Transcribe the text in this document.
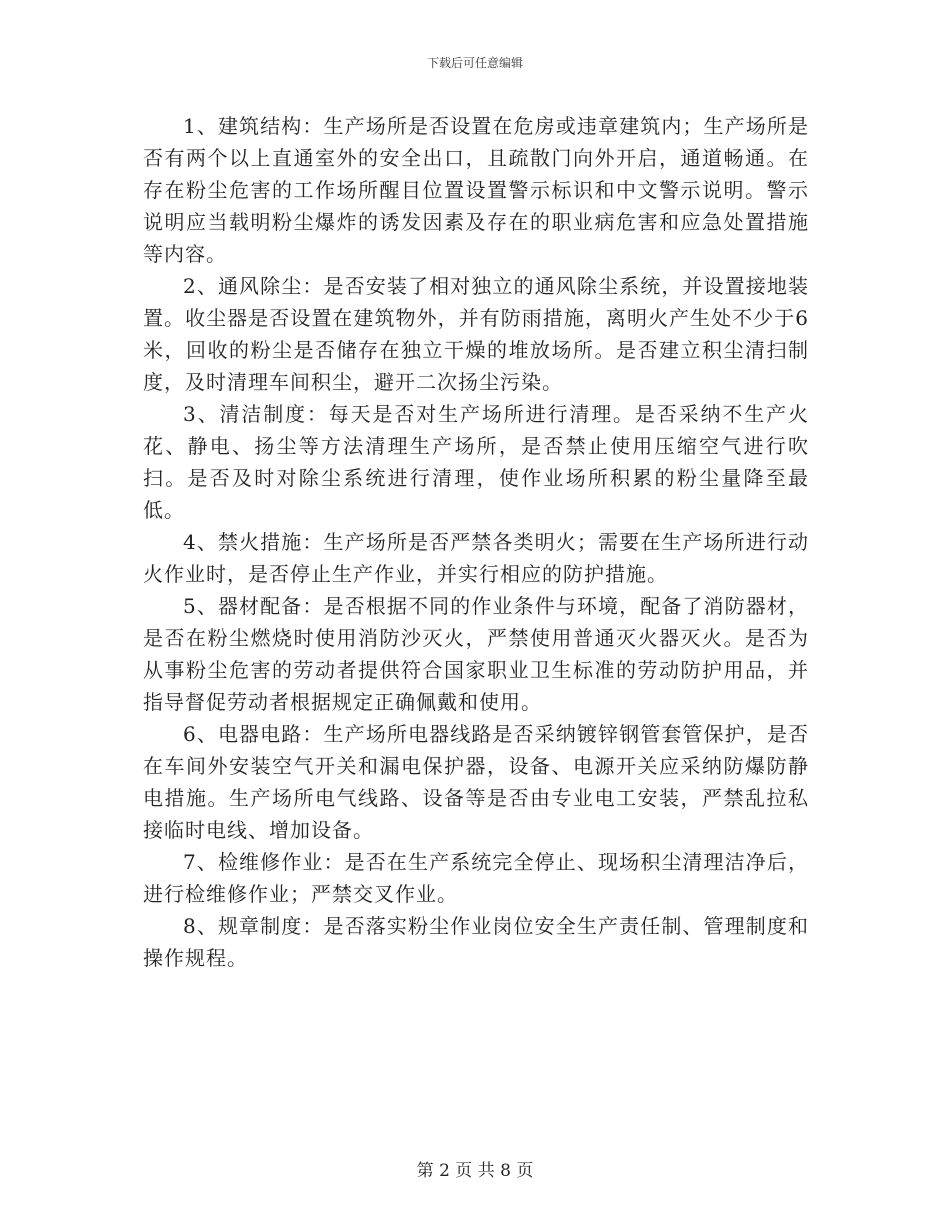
下载后可任意编辑

1、建筑结构：生产场所是否设置在危房或违章建筑内；生产场所是否有两个以上直通室外的安全出口，且疏散门向外开启，通道畅通。在存在粉尘危害的工作场所醒目位置设置警示标识和中文警示说明。警示说明应当载明粉尘爆炸的诱发因素及存在的职业病危害和应急处置措施等内容。

2、通风除尘：是否安装了相对独立的通风除尘系统，并设置接地装置。收尘器是否设置在建筑物外，并有防雨措施，离明火产生处不少于6米，回收的粉尘是否储存在独立干燥的堆放场所。是否建立积尘清扫制度，及时清理车间积尘，避开二次扬尘污染。

3、清洁制度：每天是否对生产场所进行清理。是否采纳不生产火花、静电、扬尘等方法清理生产场所，是否禁止使用压缩空气进行吹扫。是否及时对除尘系统进行清理，使作业场所积累的粉尘量降至最低。

4、禁火措施：生产场所是否严禁各类明火；需要在生产场所进行动火作业时，是否停止生产作业，并实行相应的防护措施。

5、器材配备：是否根据不同的作业条件与环境，配备了消防器材，是否在粉尘燃烧时使用消防沙灭火，严禁使用普通灭火器灭火。是否为从事粉尘危害的劳动者提供符合国家职业卫生标准的劳动防护用品，并指导督促劳动者根据规定正确佩戴和使用。

6、电器电路：生产场所电器线路是否采纳镀锌钢管套管保护，是否在车间外安装空气开关和漏电保护器，设备、电源开关应采纳防爆防静电措施。生产场所电气线路、设备等是否由专业电工安装，严禁乱拉私接临时电线、增加设备。

7、检维修作业：是否在生产系统完全停止、现场积尘清理洁净后，进行检维修作业；严禁交叉作业。

8、规章制度：是否落实粉尘作业岗位安全生产责任制、管理制度和操作规程。

第 2 页 共 8 页
